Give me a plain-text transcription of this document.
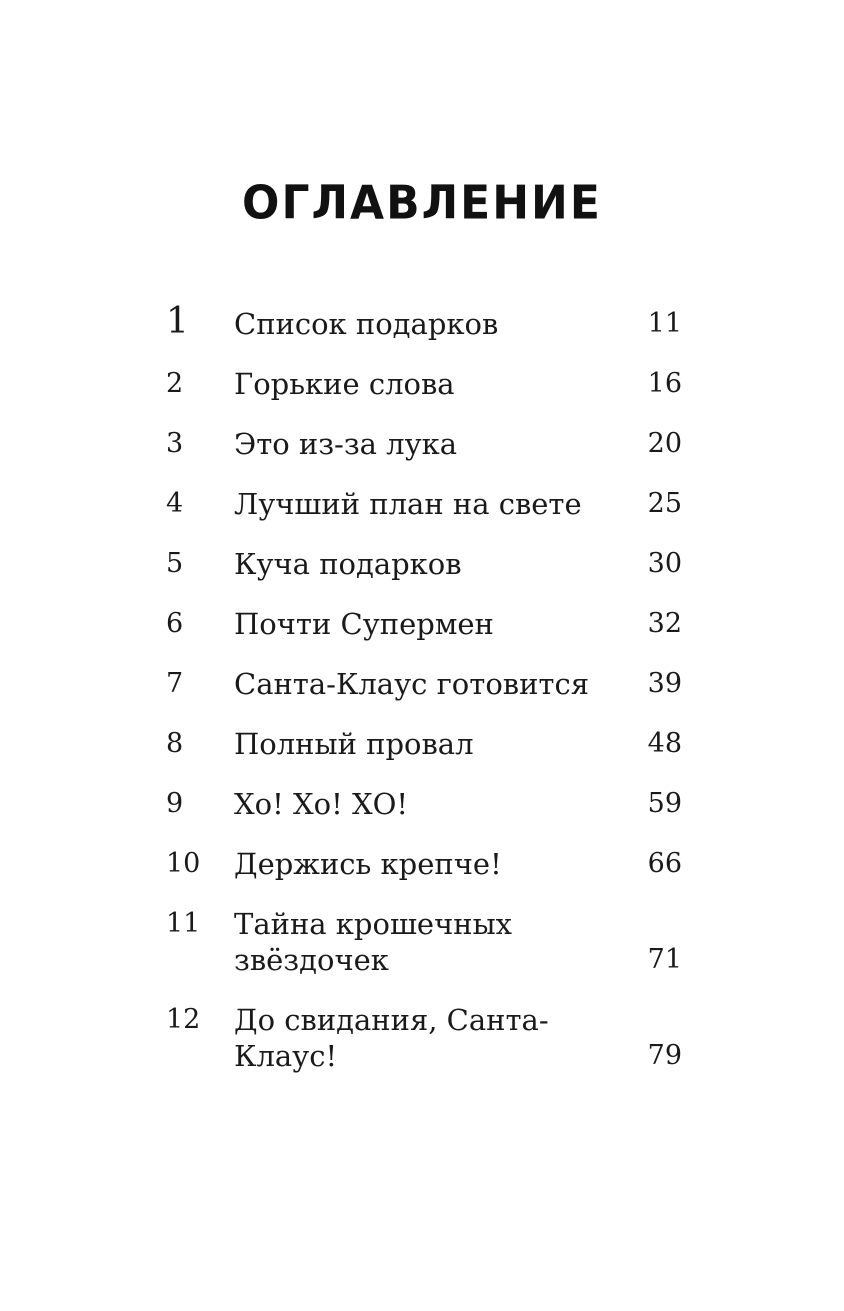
ОГЛАВЛЕНИЕ
1	Список подарков	11
2	Горькие слова	16
3	Это из-за лука	20
4	Лучший план на свете	25
5	Куча подарков	30
6	Почти Супермен	32
7	Санта-Клаус готовится	39
8	Полный провал	48
9	Хо! Хо! ХО!	59
10	Держись крепче!	66
11	Тайна крошечных
звёздочек	71
12	До свидания, Санта-Клаус!	79
